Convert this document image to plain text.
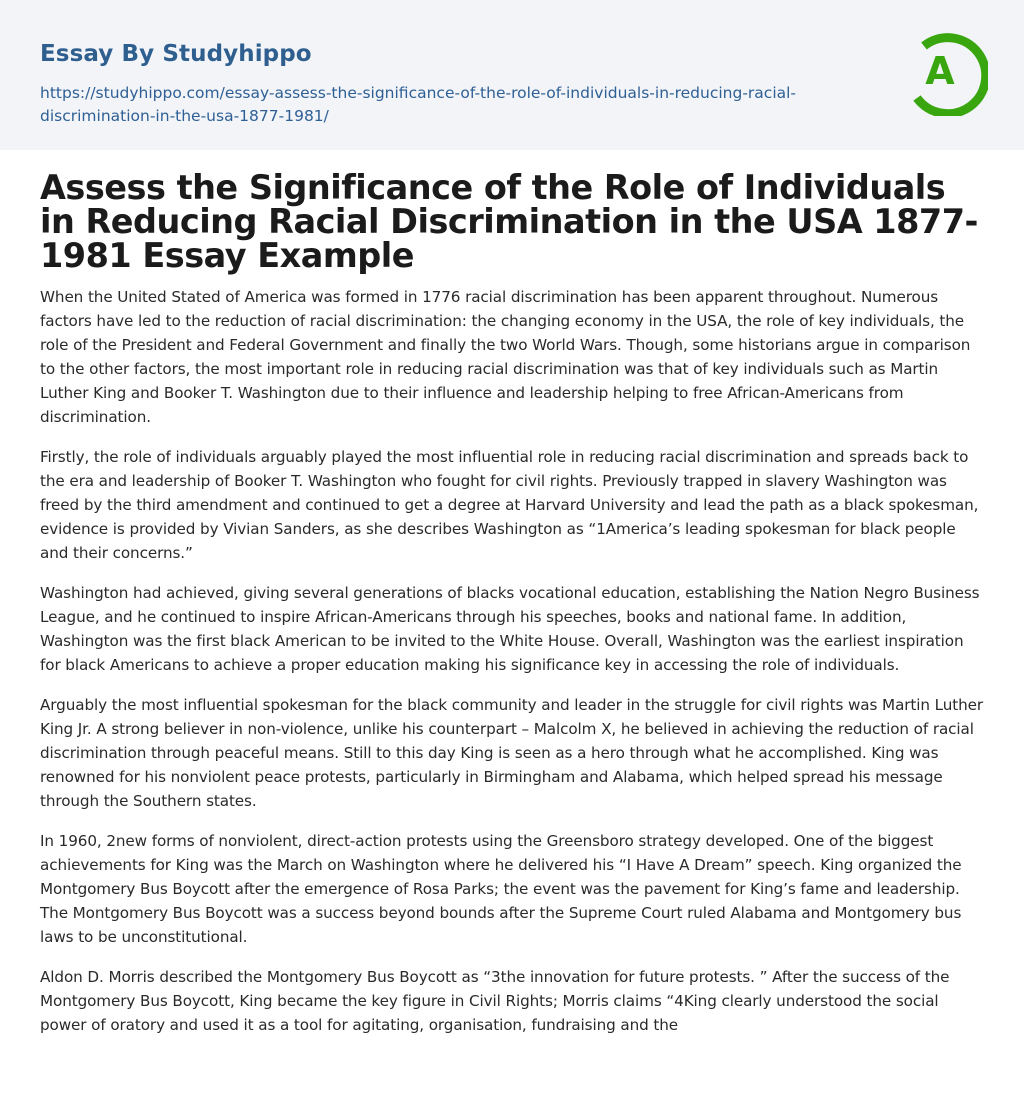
Essay By Studyhippo
https://studyhippo.com/essay-assess-the-significance-of-the-role-of-individuals-in-reducing-racial-discrimination-in-the-usa-1877-1981/
A
Assess the Significance of the Role of Individuals in Reducing Racial Discrimination in the USA 1877- 1981 Essay Example

When the United Stated of America was formed in 1776 racial discrimination has been apparent throughout. Numerous factors have led to the reduction of racial discrimination: the changing economy in the USA, the role of key individuals, the role of the President and Federal Government and finally the two World Wars. Though, some historians argue in comparison to the other factors, the most important role in reducing racial discrimination was that of key individuals such as Martin Luther King and Booker T. Washington due to their influence and leadership helping to free African-Americans from discrimination.

Firstly, the role of individuals arguably played the most influential role in reducing racial discrimination and spreads back to the era and leadership of Booker T. Washington who fought for civil rights. Previously trapped in slavery Washington was freed by the third amendment and continued to get a degree at Harvard University and lead the path as a black spokesman, evidence is provided by Vivian Sanders, as she describes Washington as “1America’s leading spokesman for black people and their concerns.”

Washington had achieved, giving several generations of blacks vocational education, establishing the Nation Negro Business League, and he continued to inspire African-Americans through his speeches, books and national fame. In addition, Washington was the first black American to be invited to the White House. Overall, Washington was the earliest inspiration for black Americans to achieve a proper education making his significance key in accessing the role of individuals.

Arguably the most influential spokesman for the black community and leader in the struggle for civil rights was Martin Luther King Jr. A strong believer in non-violence, unlike his counterpart – Malcolm X, he believed in achieving the reduction of racial discrimination through peaceful means. Still to this day King is seen as a hero through what he accomplished. King was renowned for his nonviolent peace protests, particularly in Birmingham and Alabama, which helped spread his message through the Southern states.

In 1960, 2new forms of nonviolent, direct-action protests using the Greensboro strategy developed. One of the biggest achievements for King was the March on Washington where he delivered his “I Have A Dream” speech. King organized the Montgomery Bus Boycott after the emergence of Rosa Parks; the event was the pavement for King’s fame and leadership. The Montgomery Bus Boycott was a success beyond bounds after the Supreme Court ruled Alabama and Montgomery bus laws to be unconstitutional.

Aldon D. Morris described the Montgomery Bus Boycott as “3the innovation for future protests. ” After the success of the Montgomery Bus Boycott, King became the key figure in Civil Rights; Morris claims “4King clearly understood the social power of oratory and used it as a tool for agitating, organisation, fundraising and the
